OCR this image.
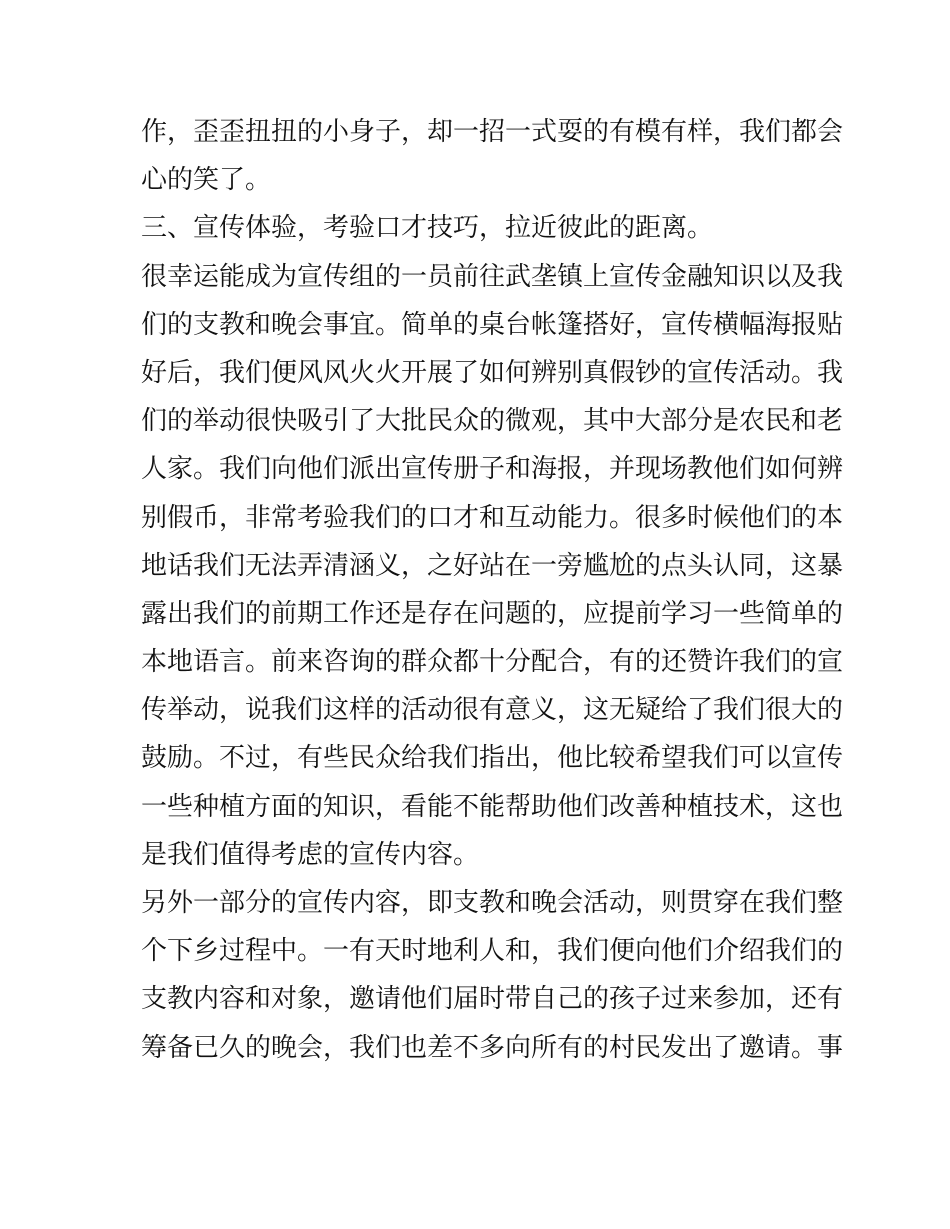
作，歪歪扭扭的小身子，却一招一式耍的有模有样，我们都会
心的笑了。
三、宣传体验，考验口才技巧，拉近彼此的距离。
很幸运能成为宣传组的一员前往武垄镇上宣传金融知识以及我
们的支教和晚会事宜。简单的桌台帐篷搭好，宣传横幅海报贴
好后，我们便风风火火开展了如何辨别真假钞的宣传活动。我
们的举动很快吸引了大批民众的微观，其中大部分是农民和老
人家。我们向他们派出宣传册子和海报，并现场教他们如何辨
别假币，非常考验我们的口才和互动能力。很多时候他们的本
地话我们无法弄清涵义，之好站在一旁尴尬的点头认同，这暴
露出我们的前期工作还是存在问题的，应提前学习一些简单的
本地语言。前来咨询的群众都十分配合，有的还赞许我们的宣
传举动，说我们这样的活动很有意义，这无疑给了我们很大的
鼓励。不过，有些民众给我们指出，他比较希望我们可以宣传
一些种植方面的知识，看能不能帮助他们改善种植技术，这也
是我们值得考虑的宣传内容。
另外一部分的宣传内容，即支教和晚会活动，则贯穿在我们整
个下乡过程中。一有天时地利人和，我们便向他们介绍我们的
支教内容和对象，邀请他们届时带自己的孩子过来参加，还有
筹备已久的晚会，我们也差不多向所有的村民发出了邀请。事
